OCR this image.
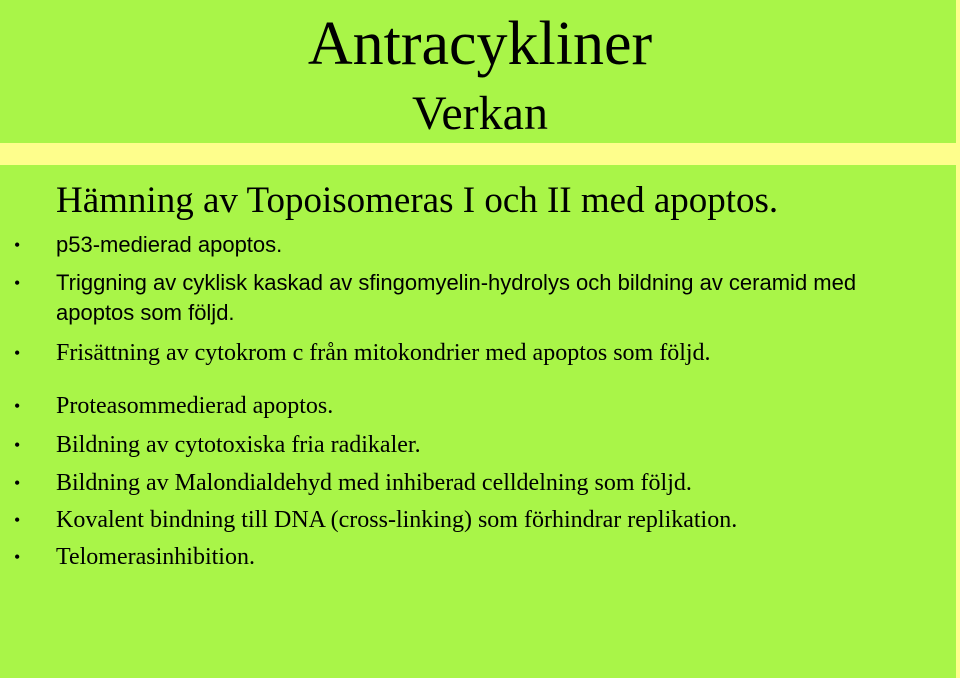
Antracykliner
Verkan
Hämning av Topoisomeras I och II med apoptos.
• p53-medierad apoptos.
• Triggning av cyklisk kaskad av sfingomyelin-hydrolys och bildning av ceramid med apoptos som följd.
• Frisättning av cytokrom c från mitokondrier med apoptos som följd.
• Proteasommedierad apoptos.
• Bildning av cytotoxiska fria radikaler.
• Bildning av Malondialdehyd med inhiberad celldelning som följd.
• Kovalent bindning till DNA (cross-linking) som förhindrar replikation.
• Telomerasinhibition.
